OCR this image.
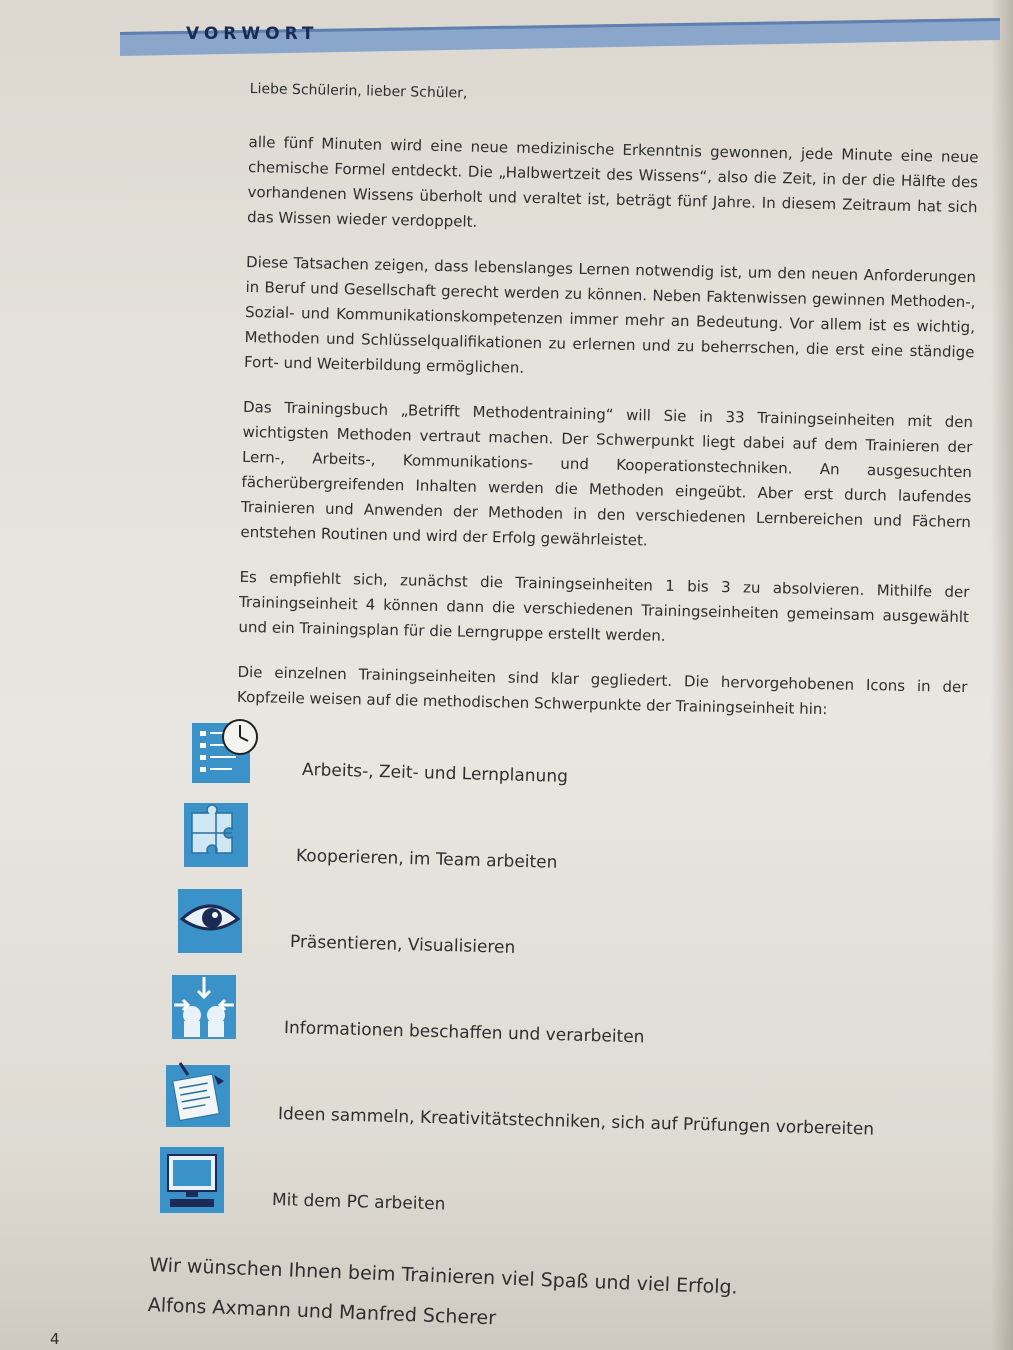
VORWORT
Liebe Schülerin, lieber Schüler,

alle fünf Minuten wird eine neue medizinische Erkenntnis gewonnen, jede Minute eine neue chemische Formel entdeckt. Die „Halbwertzeit des Wissens“, also die Zeit, in der die Hälfte des vorhandenen Wissens überholt und veraltet ist, beträgt fünf Jahre. In diesem Zeitraum hat sich das Wissen wieder verdoppelt.

Diese Tatsachen zeigen, dass lebenslanges Lernen notwendig ist, um den neuen Anforderungen in Beruf und Gesellschaft gerecht werden zu können. Neben Faktenwissen gewinnen Methoden-, Sozial- und Kommunikationskompetenzen immer mehr an Bedeutung. Vor allem ist es wichtig, Methoden und Schlüsselqualifikationen zu erlernen und zu beherrschen, die erst eine ständige Fort- und Weiterbildung ermöglichen.

Das Trainingsbuch „Betrifft Methodentraining“ will Sie in 33 Trainingseinheiten mit den wichtigsten Methoden vertraut machen. Der Schwerpunkt liegt dabei auf dem Trainieren der Lern-, Arbeits-, Kommunikations- und Kooperationstechniken. An ausgesuchten fächerübergreifenden Inhalten werden die Methoden eingeübt. Aber erst durch laufendes Trainieren und Anwenden der Methoden in den verschiedenen Lernbereichen und Fächern entstehen Routinen und wird der Erfolg gewährleistet.

Es empfiehlt sich, zunächst die Trainingseinheiten 1 bis 3 zu absolvieren. Mithilfe der Trainingseinheit 4 können dann die verschiedenen Trainingseinheiten gemeinsam ausgewählt und ein Trainingsplan für die Lerngruppe erstellt werden.

Die einzelnen Trainingseinheiten sind klar gegliedert. Die hervorgehobenen Icons in der Kopfzeile weisen auf die methodischen Schwerpunkte der Trainingseinheit hin:

Arbeits-, Zeit- und Lernplanung
Kooperieren, im Team arbeiten
Präsentieren, Visualisieren
Informationen beschaffen und verarbeiten
Ideen sammeln, Kreativitätstechniken, sich auf Prüfungen vorbereiten
Mit dem PC arbeiten
Wir wünschen Ihnen beim Trainieren viel Spaß und viel Erfolg.
Alfons Axmann und Manfred Scherer
4
